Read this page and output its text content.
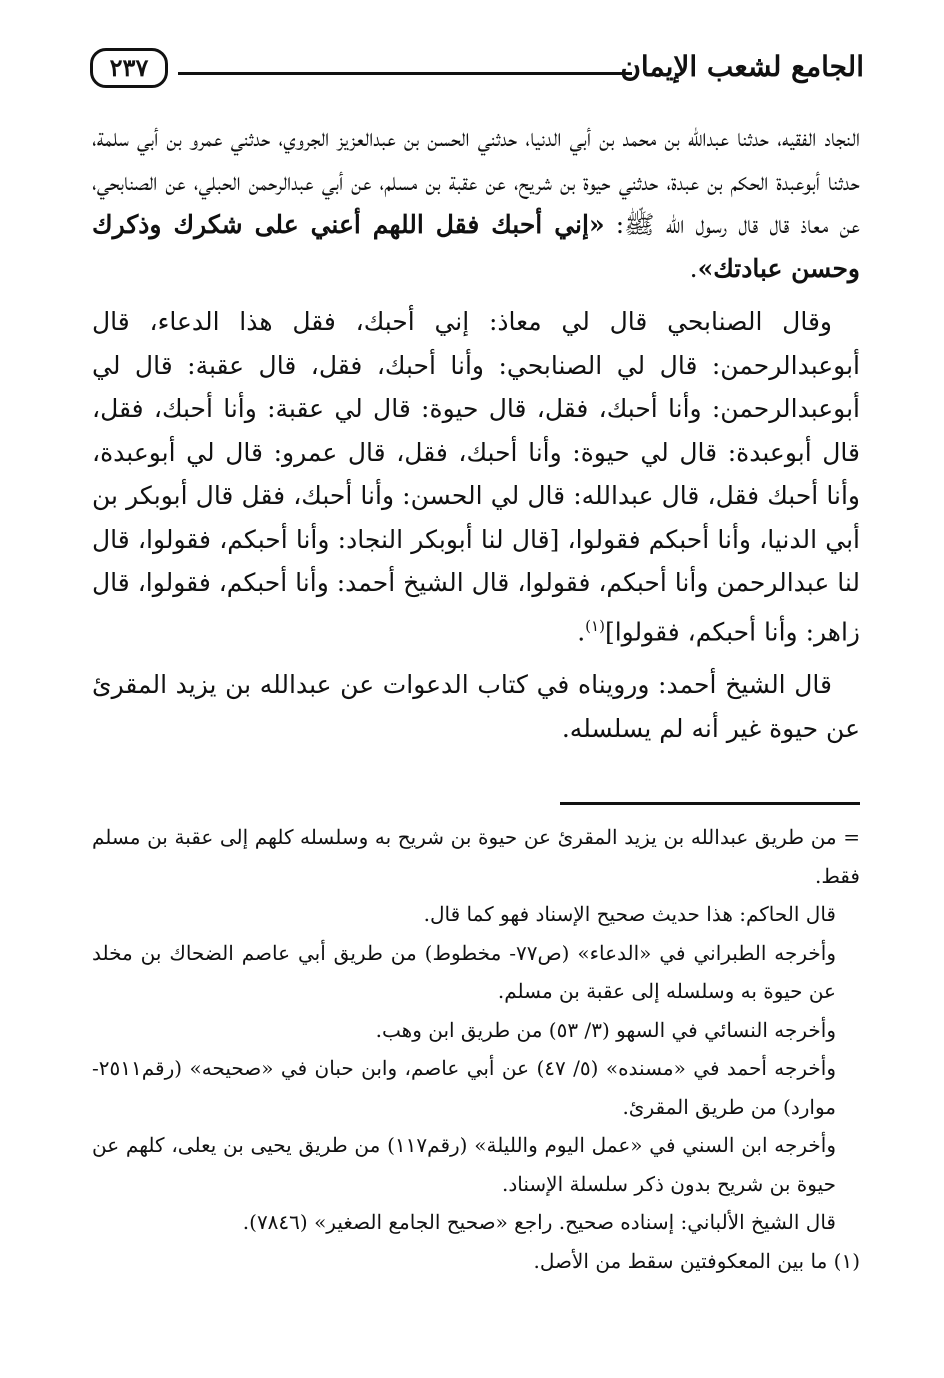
الجامع لشعب الإيمان
٢٣٧

النجاد الفقيه، حدثنا عبدالله بن محمد بن أبي الدنيا، حدثني الحسن بن عبدالعزيز الجروي، حدثني عمرو بن أبي سلمة، حدثنا أبوعبدة الحكم بن عبدة، حدثني حيوة بن شريح، عن عقبة بن مسلم، عن أبي عبدالرحمن الحبلي، عن الصنابحي، عن معاذ قال قال رسول الله ﷺ: «إني أحبك فقل اللهم أعني على شكرك وذكرك وحسن عبادتك».

وقال الصنابحي قال لي معاذ: إني أحبك، فقل هذا الدعاء، قال أبوعبدالرحمن: قال لي الصنابحي: وأنا أحبك، فقل، قال عقبة: قال لي أبوعبدالرحمن: وأنا أحبك، فقل، قال حيوة: قال لي عقبة: وأنا أحبك، فقل، قال أبوعبدة: قال لي حيوة: وأنا أحبك، فقل، قال عمرو: قال لي أبوعبدة، وأنا أحبك فقل، قال عبدالله: قال لي الحسن: وأنا أحبك، فقل قال أبوبكر بن أبي الدنيا، وأنا أحبكم فقولوا، [قال لنا أبوبكر النجاد: وأنا أحبكم، فقولوا، قال لنا عبدالرحمن وأنا أحبكم، فقولوا، قال الشيخ أحمد: وأنا أحبكم، فقولوا، قال زاهر: وأنا أحبكم، فقولوا]$^{(١)}$.

قال الشيخ أحمد: ورويناه في كتاب الدعوات عن عبدالله بن يزيد المقرئ عن حيوة غير أنه لم يسلسله.

= من طريق عبدالله بن يزيد المقرئ عن حيوة بن شريح به وسلسله كلهم إلى عقبة بن مسلم فقط.

قال الحاكم: هذا حديث صحيح الإسناد فهو كما قال.

وأخرجه الطبراني في «الدعاء» (ص٧٧- مخطوط) من طريق أبي عاصم الضحاك بن مخلد عن حيوة به وسلسله إلى عقبة بن مسلم.

وأخرجه النسائي في السهو (٣/ ٥٣) من طريق ابن وهب.

وأخرجه أحمد في «مسنده» (٥/ ٤٧) عن أبي عاصم، وابن حبان في «صحيحه» (رقم٢٥١١- موارد) من طريق المقرئ.

وأخرجه ابن السني في «عمل اليوم والليلة» (رقم١١٧) من طريق يحيى بن يعلى، كلهم عن حيوة بن شريح بدون ذكر سلسلة الإسناد.

قال الشيخ الألباني: إسناده صحيح. راجع «صحيح الجامع الصغير» (٧٨٤٦).

(١) ما بين المعكوفتين سقط من الأصل.
